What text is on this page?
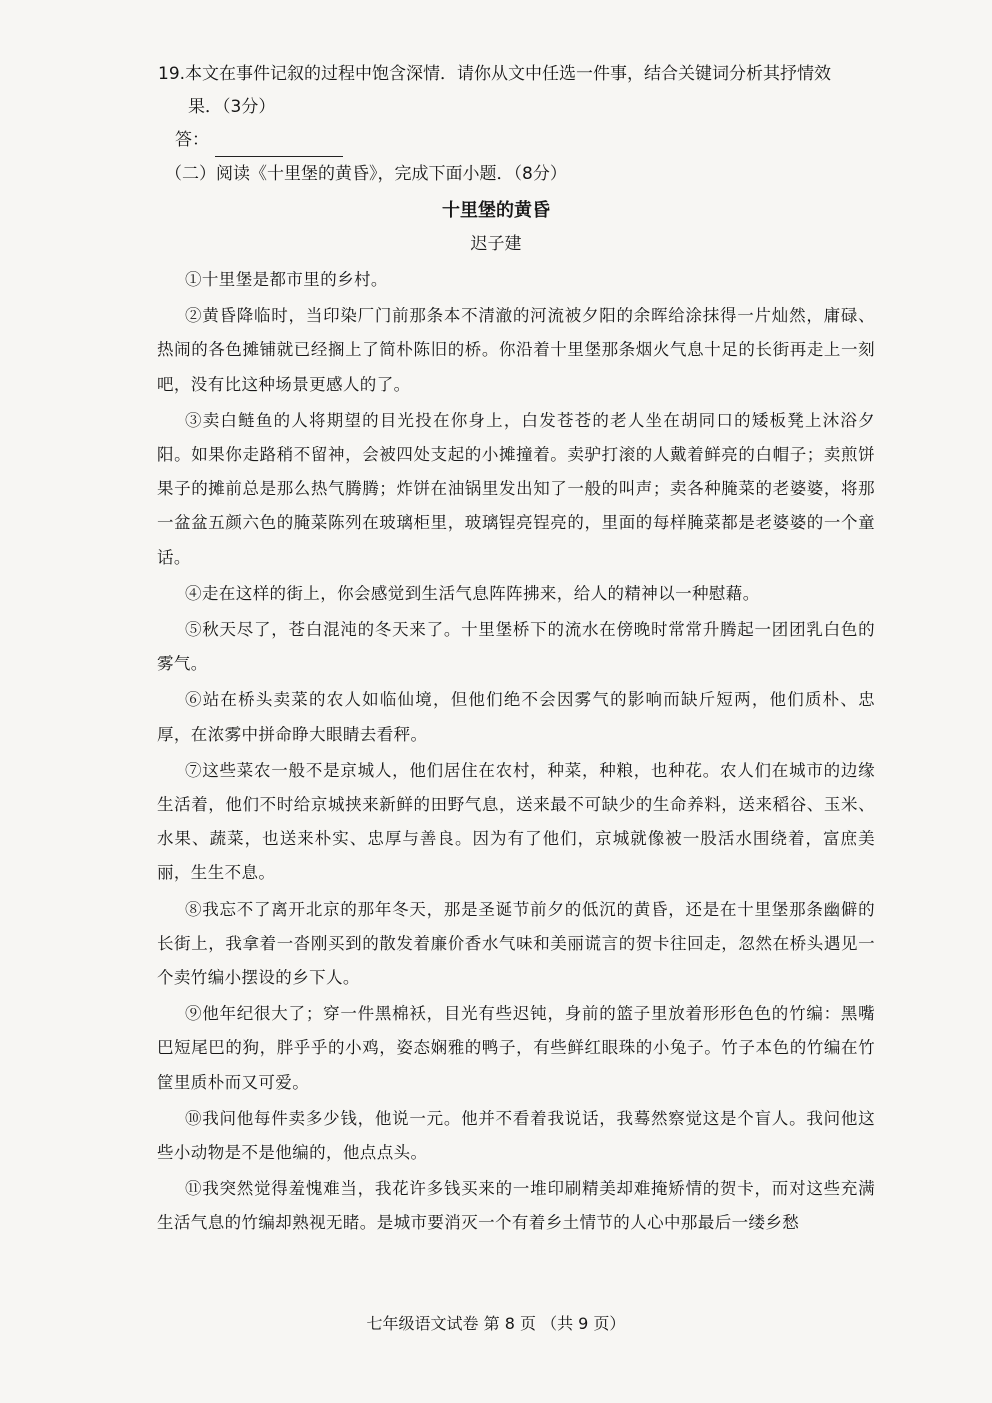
19.本文在事件记叙的过程中饱含深情．请你从文中任选一件事，结合关键词分析其抒情效
果．（3分）
答：
（二）阅读《十里堡的黄昏》，完成下面小题．（8分）
十里堡的黄昏
迟子建

①十里堡是都市里的乡村。

②黄昏降临时，当印染厂门前那条本不清澈的河流被夕阳的余晖给涂抹得一片灿然，庸碌、热闹的各色摊铺就已经搁上了简朴陈旧的桥。你沿着十里堡那条烟火气息十足的长街再走上一刻吧，没有比这种场景更感人的了。

③卖白鲢鱼的人将期望的目光投在你身上，白发苍苍的老人坐在胡同口的矮板凳上沐浴夕阳。如果你走路稍不留神，会被四处支起的小摊撞着。卖驴打滚的人戴着鲜亮的白帽子；卖煎饼果子的摊前总是那么热气腾腾；炸饼在油锅里发出知了一般的叫声；卖各种腌菜的老婆婆，将那一盆盆五颜六色的腌菜陈列在玻璃柜里，玻璃锃亮锃亮的，里面的每样腌菜都是老婆婆的一个童话。

④走在这样的街上，你会感觉到生活气息阵阵拂来，给人的精神以一种慰藉。

⑤秋天尽了，苍白混沌的冬天来了。十里堡桥下的流水在傍晚时常常升腾起一团团乳白色的雾气。

⑥站在桥头卖菜的农人如临仙境，但他们绝不会因雾气的影响而缺斤短两，他们质朴、忠厚，在浓雾中拼命睁大眼睛去看秤。

⑦这些菜农一般不是京城人，他们居住在农村，种菜，种粮，也种花。农人们在城市的边缘生活着，他们不时给京城挟来新鲜的田野气息，送来最不可缺少的生命养料，送来稻谷、玉米、水果、蔬菜，也送来朴实、忠厚与善良。因为有了他们，京城就像被一股活水围绕着，富庶美丽，生生不息。

⑧我忘不了离开北京的那年冬天，那是圣诞节前夕的低沉的黄昏，还是在十里堡那条幽僻的长街上，我拿着一沓刚买到的散发着廉价香水气味和美丽谎言的贺卡往回走，忽然在桥头遇见一个卖竹编小摆设的乡下人。

⑨他年纪很大了；穿一件黑棉袄，目光有些迟钝，身前的篮子里放着形形色色的竹编：黑嘴巴短尾巴的狗，胖乎乎的小鸡，姿态娴雅的鸭子，有些鲜红眼珠的小兔子。竹子本色的竹编在竹筐里质朴而又可爱。

⑩我问他每件卖多少钱，他说一元。他并不看着我说话，我蓦然察觉这是个盲人。我问他这些小动物是不是他编的，他点点头。

⑪我突然觉得羞愧难当，我花许多钱买来的一堆印刷精美却难掩矫情的贺卡，而对这些充满生活气息的竹编却熟视无睹。是城市要消灭一个有着乡土情节的人心中那最后一缕乡愁

七年级语文试卷 第 8 页 （共 9 页）
